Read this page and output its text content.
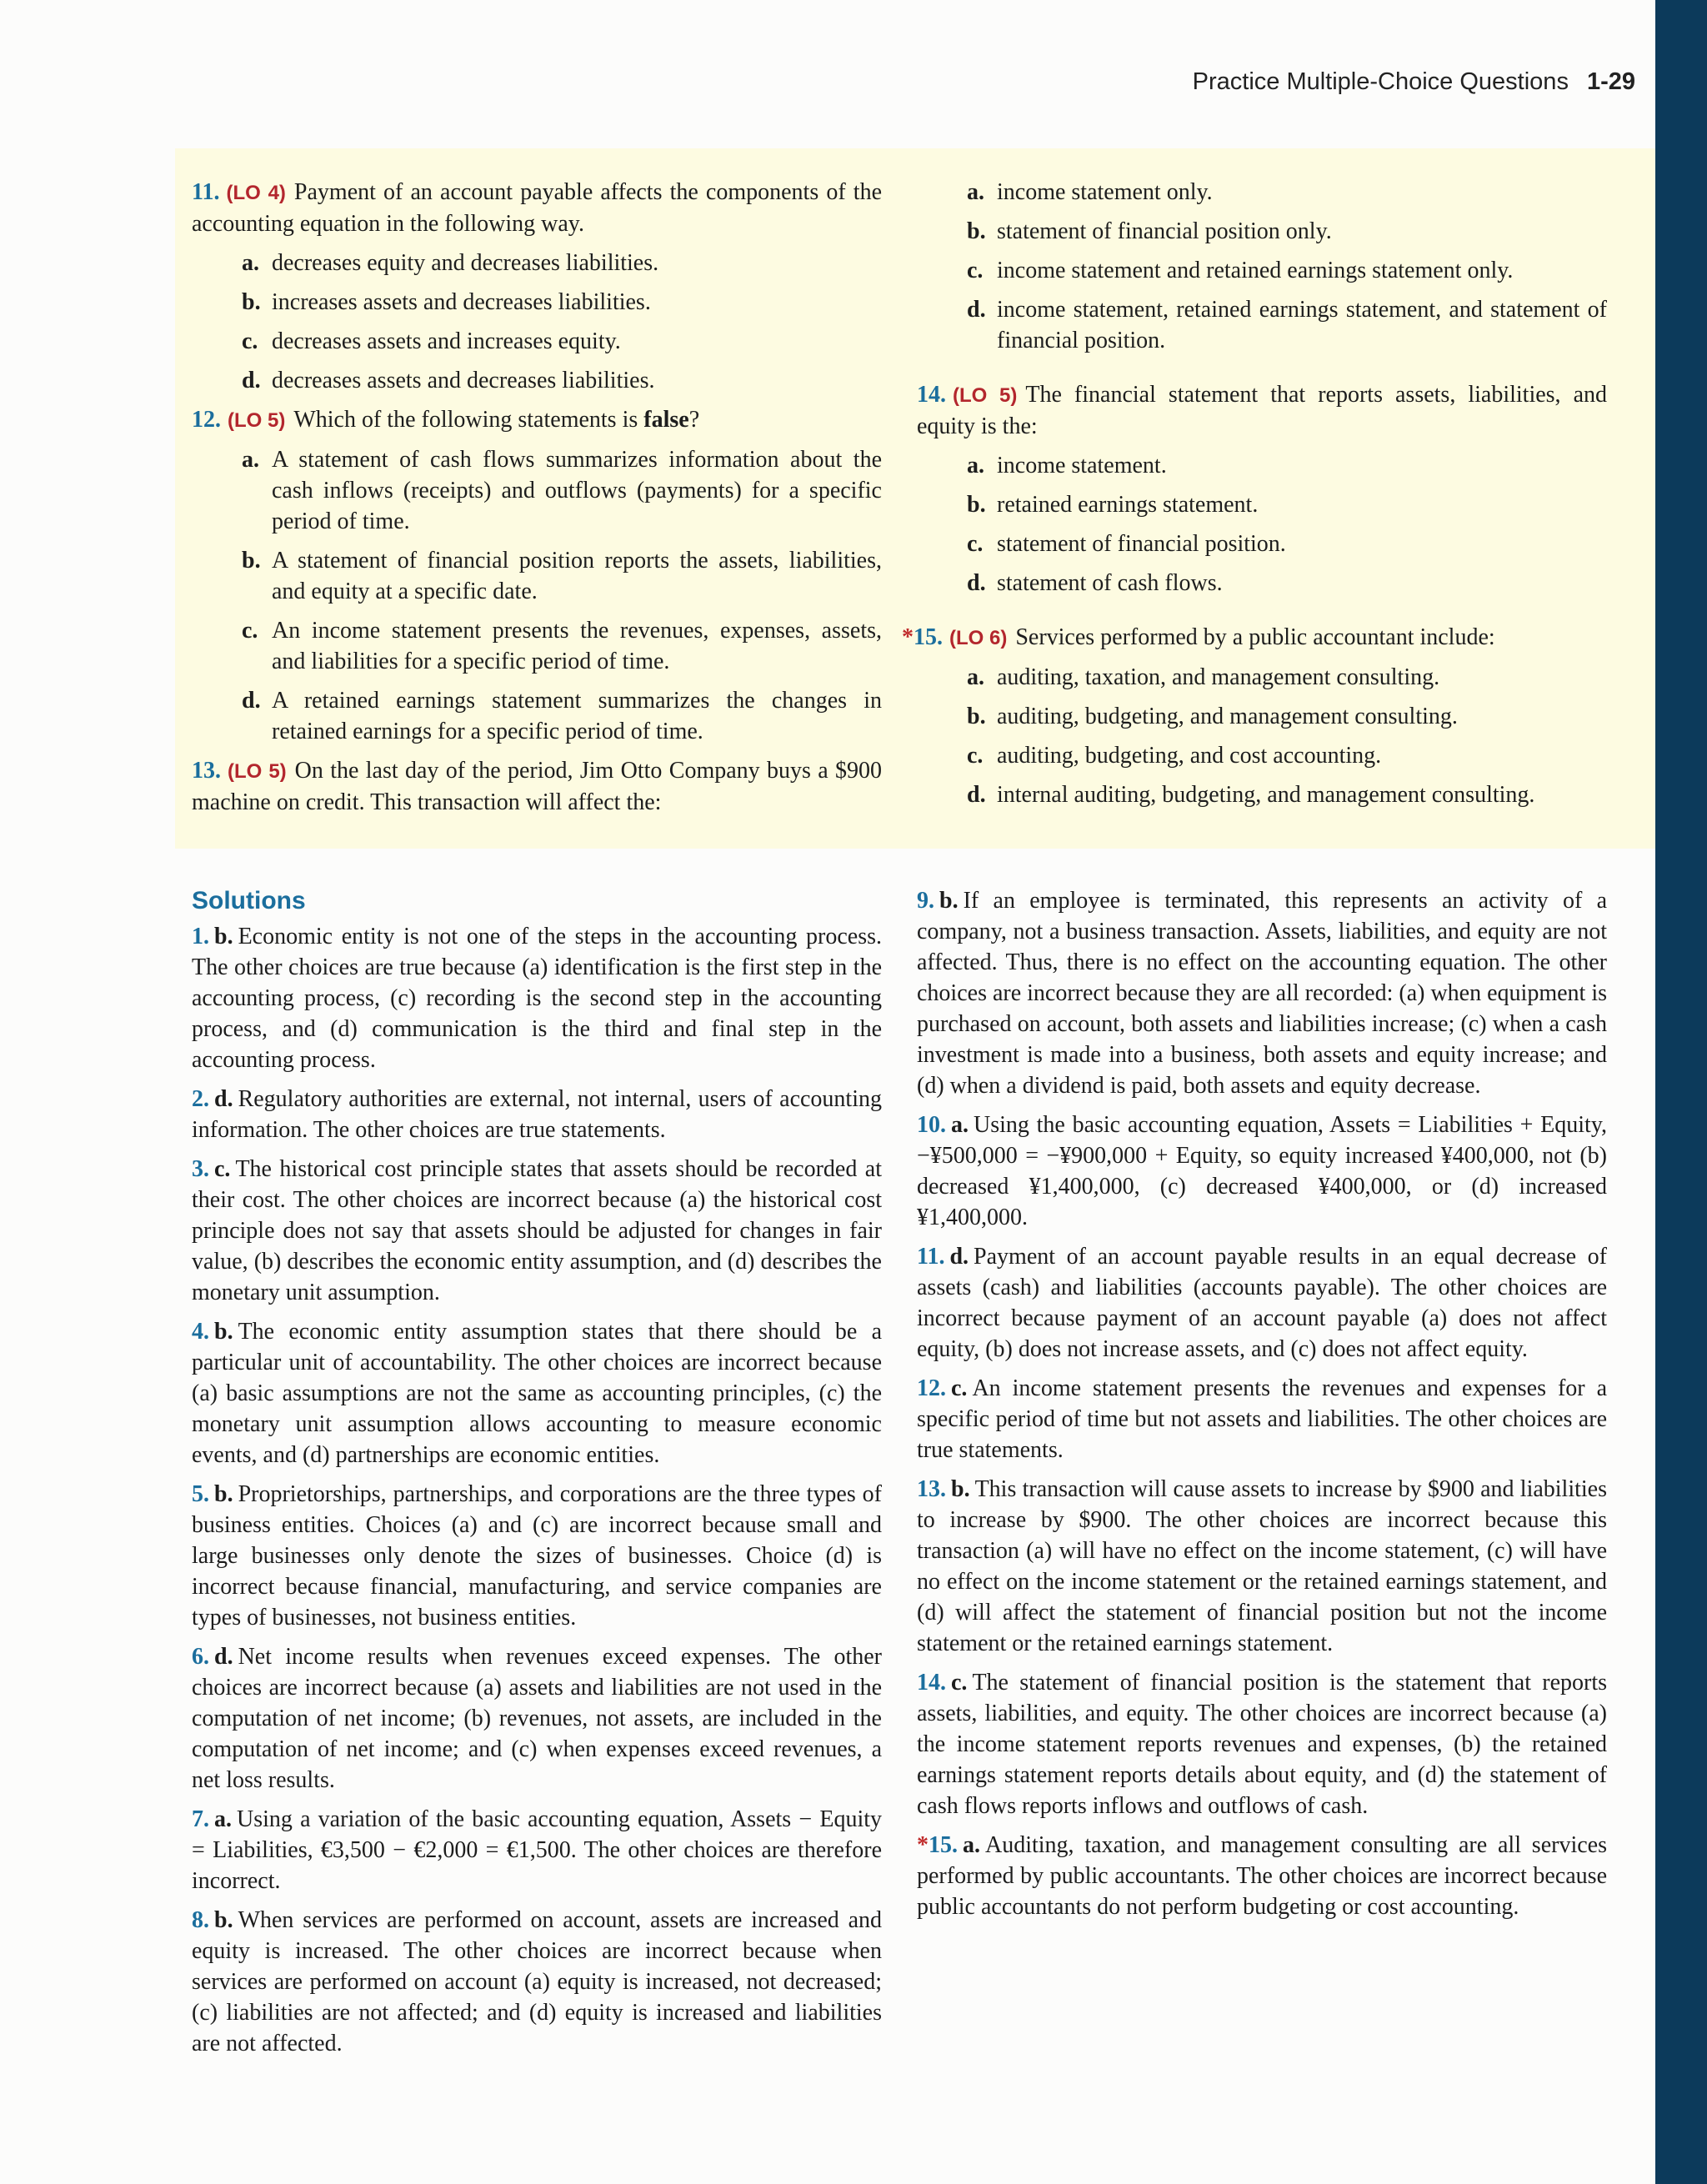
Practice Multiple-Choice Questions 1-29
11. (LO 4) Payment of an account payable affects the components of the accounting equation in the following way.
a. decreases equity and decreases liabilities.
b. increases assets and decreases liabilities.
c. decreases assets and increases equity.
d. decreases assets and decreases liabilities.
12. (LO 5) Which of the following statements is false?
a. A statement of cash flows summarizes information about the cash inflows (receipts) and outflows (payments) for a specific period of time.
b. A statement of financial position reports the assets, liabilities, and equity at a specific date.
c. An income statement presents the revenues, expenses, assets, and liabilities for a specific period of time.
d. A retained earnings statement summarizes the changes in retained earnings for a specific period of time.
13. (LO 5) On the last day of the period, Jim Otto Company buys a $900 machine on credit. This transaction will affect the:
a. income statement only.
b. statement of financial position only.
c. income statement and retained earnings statement only.
d. income statement, retained earnings statement, and statement of financial position.
14. (LO 5) The financial statement that reports assets, liabilities, and equity is the:
a. income statement.
b. retained earnings statement.
c. statement of financial position.
d. statement of cash flows.
*15. (LO 6) Services performed by a public accountant include:
a. auditing, taxation, and management consulting.
b. auditing, budgeting, and management consulting.
c. auditing, budgeting, and cost accounting.
d. internal auditing, budgeting, and management consulting.
Solutions
1. b. Economic entity is not one of the steps in the accounting process. The other choices are true because (a) identification is the first step in the accounting process, (c) recording is the second step in the accounting process, and (d) communication is the third and final step in the accounting process.
2. d. Regulatory authorities are external, not internal, users of accounting information. The other choices are true statements.
3. c. The historical cost principle states that assets should be recorded at their cost. The other choices are incorrect because (a) the historical cost principle does not say that assets should be adjusted for changes in fair value, (b) describes the economic entity assumption, and (d) describes the monetary unit assumption.
4. b. The economic entity assumption states that there should be a particular unit of accountability. The other choices are incorrect because (a) basic assumptions are not the same as accounting principles, (c) the monetary unit assumption allows accounting to measure economic events, and (d) partnerships are economic entities.
5. b. Proprietorships, partnerships, and corporations are the three types of business entities. Choices (a) and (c) are incorrect because small and large businesses only denote the sizes of businesses. Choice (d) is incorrect because financial, manufacturing, and service companies are types of businesses, not business entities.
6. d. Net income results when revenues exceed expenses. The other choices are incorrect because (a) assets and liabilities are not used in the computation of net income; (b) revenues, not assets, are included in the computation of net income; and (c) when expenses exceed revenues, a net loss results.
7. a. Using a variation of the basic accounting equation, Assets − Equity = Liabilities, €3,500 − €2,000 = €1,500. The other choices are therefore incorrect.
8. b. When services are performed on account, assets are increased and equity is increased. The other choices are incorrect because when services are performed on account (a) equity is increased, not decreased; (c) liabilities are not affected; and (d) equity is increased and liabilities are not affected.
9. b. If an employee is terminated, this represents an activity of a company, not a business transaction. Assets, liabilities, and equity are not affected. Thus, there is no effect on the accounting equation. The other choices are incorrect because they are all recorded: (a) when equipment is purchased on account, both assets and liabilities increase; (c) when a cash investment is made into a business, both assets and equity increase; and (d) when a dividend is paid, both assets and equity decrease.
10. a. Using the basic accounting equation, Assets = Liabilities + Equity, −¥500,000 = −¥900,000 + Equity, so equity increased ¥400,000, not (b) decreased ¥1,400,000, (c) decreased ¥400,000, or (d) increased ¥1,400,000.
11. d. Payment of an account payable results in an equal decrease of assets (cash) and liabilities (accounts payable). The other choices are incorrect because payment of an account payable (a) does not affect equity, (b) does not increase assets, and (c) does not affect equity.
12. c. An income statement presents the revenues and expenses for a specific period of time but not assets and liabilities. The other choices are true statements.
13. b. This transaction will cause assets to increase by $900 and liabilities to increase by $900. The other choices are incorrect because this transaction (a) will have no effect on the income statement, (c) will have no effect on the income statement or the retained earnings statement, and (d) will affect the statement of financial position but not the income statement or the retained earnings statement.
14. c. The statement of financial position is the statement that reports assets, liabilities, and equity. The other choices are incorrect because (a) the income statement reports revenues and expenses, (b) the retained earnings statement reports details about equity, and (d) the statement of cash flows reports inflows and outflows of cash.
*15. a. Auditing, taxation, and management consulting are all services performed by public accountants. The other choices are incorrect because public accountants do not perform budgeting or cost accounting.
